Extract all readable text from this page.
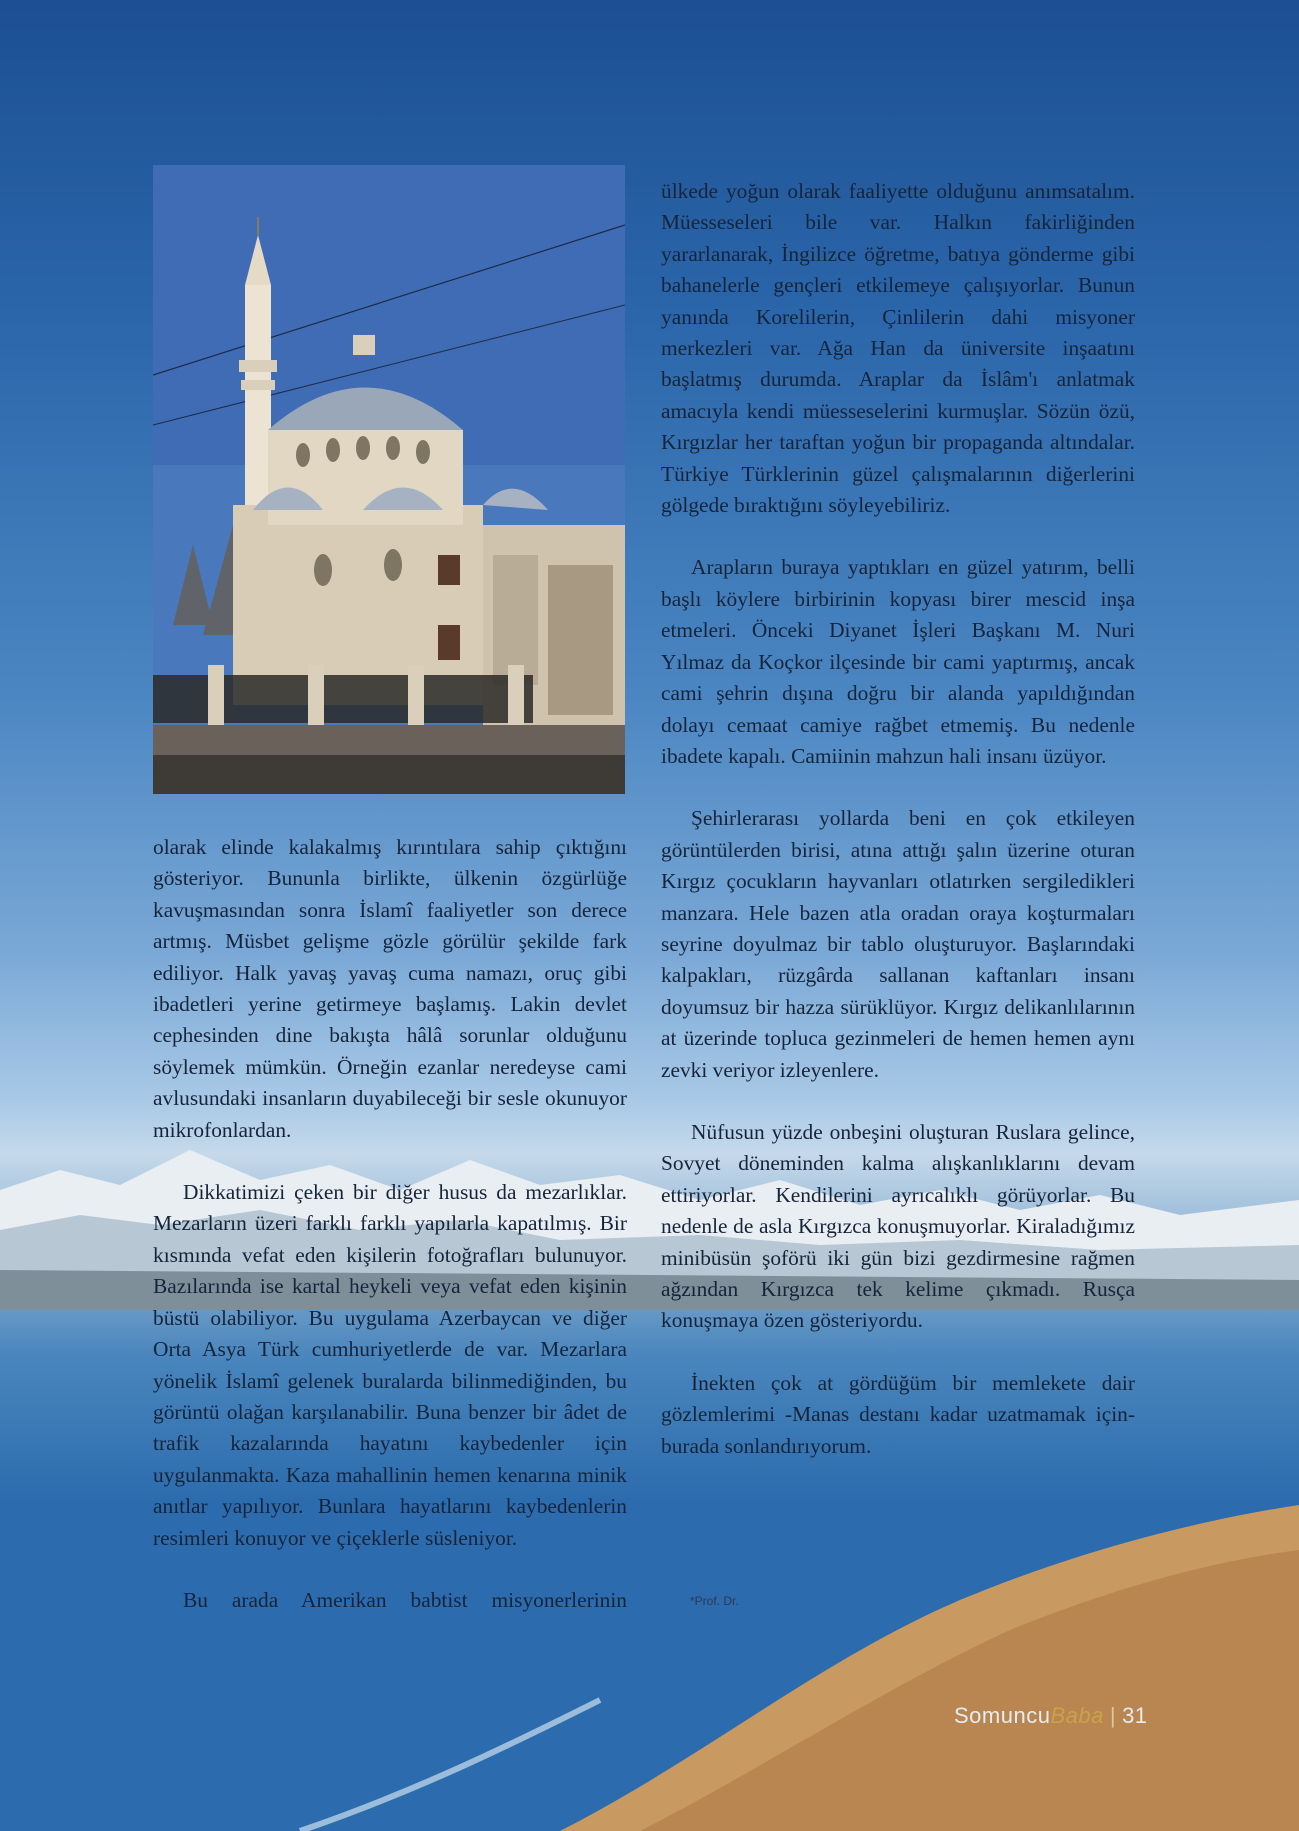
olarak elinde kalakalmış kırıntılara sahip çıktığını gösteriyor. Bununla birlikte, ülkenin özgürlüğe kavuşmasından sonra İslamî faaliyetler son derece artmış. Müsbet gelişme gözle görülür şekilde fark ediliyor. Halk yavaş yavaş cuma namazı, oruç gibi ibadetleri yerine getirmeye başlamış. Lakin devlet cephesinden dine bakışta hâlâ sorunlar olduğunu söylemek mümkün. Örneğin ezanlar neredeyse cami avlusundaki insanların duyabileceği bir sesle okunuyor mikrofonlardan.

Dikkatimizi çeken bir diğer husus da mezarlıklar. Mezarların üzeri farklı farklı yapılarla kapatılmış. Bir kısmında vefat eden kişilerin fotoğrafları bulunuyor. Bazılarında ise kartal heykeli veya vefat eden kişinin büstü olabiliyor. Bu uygulama Azerbaycan ve diğer Orta Asya Türk cumhuriyetlerde de var. Mezarlara yönelik İslamî gelenek buralarda bilinmediğinden, bu görüntü olağan karşılanabilir. Buna benzer bir âdet de trafik kazalarında hayatını kaybedenler için uygulanmakta. Kaza mahallinin hemen kenarına minik anıtlar yapılıyor. Bunlara hayatlarını kaybedenlerin resimleri konuyor ve çiçeklerle süsleniyor.

Bu arada Amerikan babtist misyonerlerinin

ülkede yoğun olarak faaliyette olduğunu anımsatalım. Müesseseleri bile var. Halkın fakirliğinden yararlanarak, İngilizce öğretme, batıya gönderme gibi bahanelerle gençleri etkilemeye çalışıyorlar. Bunun yanında Korelilerin, Çinlilerin dahi misyoner merkezleri var. Ağa Han da üniversite inşaatını başlatmış durumda. Araplar da İslâm'ı anlatmak amacıyla kendi müesseselerini kurmuşlar. Sözün özü, Kırgızlar her taraftan yoğun bir propaganda altındalar. Türkiye Türklerinin güzel çalışmalarının diğerlerini gölgede bıraktığını söyleyebiliriz.

Arapların buraya yaptıkları en güzel yatırım, belli başlı köylere birbirinin kopyası birer mescid inşa etmeleri. Önceki Diyanet İşleri Başkanı M. Nuri Yılmaz da Koçkor ilçesinde bir cami yaptırmış, ancak cami şehrin dışına doğru bir alanda yapıldığından dolayı cemaat camiye rağbet etmemiş. Bu nedenle ibadete kapalı. Camiinin mahzun hali insanı üzüyor.

Şehirlerarası yollarda beni en çok etkileyen görüntülerden birisi, atına attığı şalın üzerine oturan Kırgız çocukların hayvanları otlatırken sergiledikleri manzara. Hele bazen atla oradan oraya koşturmaları seyrine doyulmaz bir tablo oluşturuyor. Başlarındaki kalpakları, rüzgârda sallanan kaftanları insanı doyumsuz bir hazza sürüklüyor. Kırgız delikanlılarının at üzerinde topluca gezinmeleri de hemen hemen aynı zevki veriyor izleyenlere.

Nüfusun yüzde onbeşini oluşturan Ruslara gelince, Sovyet döneminden kalma alışkanlıklarını devam ettiriyorlar. Kendilerini ayrıcalıklı görüyorlar. Bu nedenle de asla Kırgızca konuşmuyorlar. Kiraladığımız minibüsün şoförü iki gün bizi gezdirmesine rağmen ağzından Kırgızca tek kelime çıkmadı. Rusça konuşmaya özen gösteriyordu.

İnekten çok at gördüğüm bir memlekete dair gözlemlerimi -Manas destanı kadar uzatmamak için- burada sonlandırıyorum.

*Prof. Dr.
SomuncuBaba | 31
